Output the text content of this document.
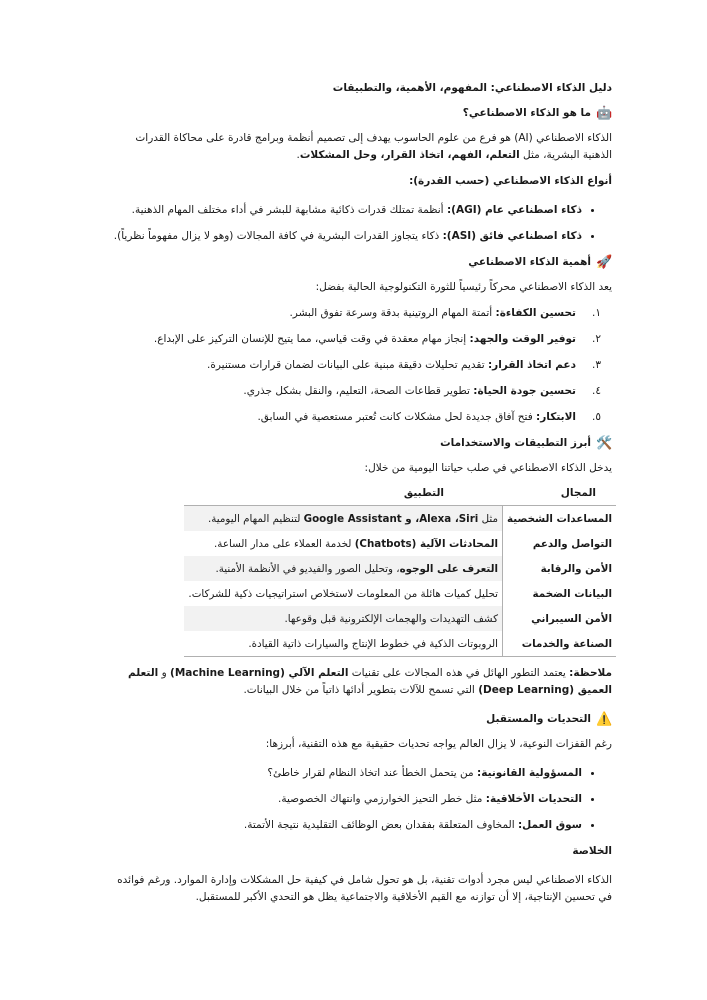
دليل الذكاء الاصطناعي: المفهوم، الأهمية، والتطبيقات
🤖
ما هو الذكاء الاصطناعي؟

الذكاء الاصطناعي (AI) هو فرع من علوم الحاسوب يهدف إلى تصميم أنظمة وبرامج قادرة على محاكاة القدرات الذهنية البشرية، مثل التعلم، الفهم، اتخاذ القرار، وحل المشكلات.

أنواع الذكاء الاصطناعي (حسب القدرة):
• ذكاء اصطناعي عام (AGI): أنظمة تمتلك قدرات ذكائية مشابهة للبشر في أداء مختلف المهام الذهنية.
• ذكاء اصطناعي فائق (ASI): ذكاء يتجاوز القدرات البشرية في كافة المجالات (وهو لا يزال مفهوماً نظرياً).
🚀
أهمية الذكاء الاصطناعي

يعد الذكاء الاصطناعي محركاً رئيسياً للثورة التكنولوجية الحالية بفضل:

١.
تحسين الكفاءة: أتمتة المهام الروتينية بدقة وسرعة تفوق البشر.
٢.
توفير الوقت والجهد: إنجاز مهام معقدة في وقت قياسي، مما يتيح للإنسان التركيز على الإبداع.
٣.
دعم اتخاذ القرار: تقديم تحليلات دقيقة مبنية على البيانات لضمان قرارات مستنيرة.
٤.
تحسين جودة الحياة: تطوير قطاعات الصحة، التعليم، والنقل بشكل جذري.
٥.
الابتكار: فتح آفاق جديدة لحل مشكلات كانت تُعتبر مستعصية في السابق.
🛠️
أبرز التطبيقات والاستخدامات

يدخل الذكاء الاصطناعي في صلب حياتنا اليومية من خلال:

المجال
التطبيق
المساعدات الشخصية	مثل Alexa ،Siri، و Google Assistant لتنظيم المهام اليومية.
التواصل والدعم	المحادثات الآلية (Chatbots) لخدمة العملاء على مدار الساعة.
الأمن والرقابة	التعرف على الوجوه، وتحليل الصور والفيديو في الأنظمة الأمنية.
البيانات الضخمة	تحليل كميات هائلة من المعلومات لاستخلاص استراتيجيات ذكية للشركات.
الأمن السيبراني	كشف التهديدات والهجمات الإلكترونية قبل وقوعها.
الصناعة والخدمات	الروبوتات الذكية في خطوط الإنتاج والسيارات ذاتية القيادة.

ملاحظة: يعتمد التطور الهائل في هذه المجالات على تقنيات التعلم الآلي (Machine Learning) و التعلم العميق (Deep Learning) التي تسمح للآلات بتطوير أدائها ذاتياً من خلال البيانات.

⚠️
التحديات والمستقبل

رغم القفزات النوعية، لا يزال العالم يواجه تحديات حقيقية مع هذه التقنية، أبرزها:

• المسؤولية القانونية: من يتحمل الخطأ عند اتخاذ النظام لقرار خاطئ؟
• التحديات الأخلاقية: مثل خطر التحيز الخوارزمي وانتهاك الخصوصية.
• سوق العمل: المخاوف المتعلقة بفقدان بعض الوظائف التقليدية نتيجة الأتمتة.
الخلاصة

الذكاء الاصطناعي ليس مجرد أدوات تقنية، بل هو تحول شامل في كيفية حل المشكلات وإدارة الموارد. ورغم فوائده في تحسين الإنتاجية، إلا أن توازنه مع القيم الأخلاقية والاجتماعية يظل هو التحدي الأكبر للمستقبل.
